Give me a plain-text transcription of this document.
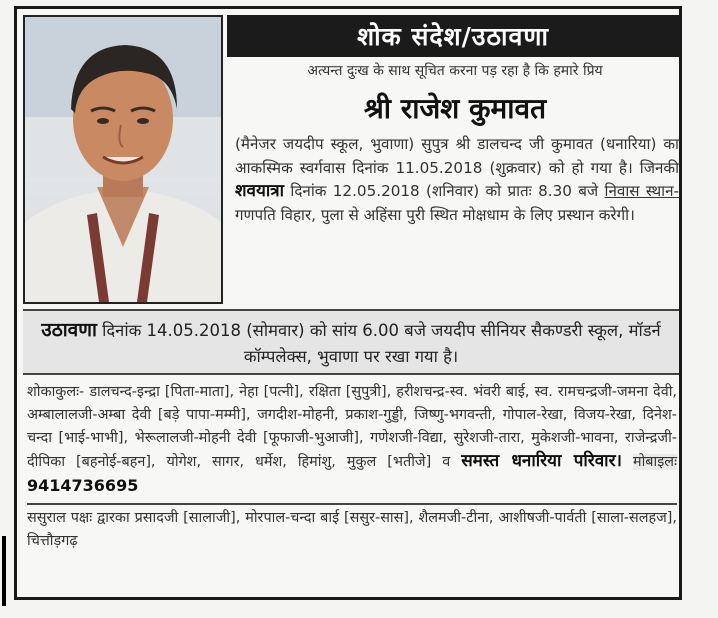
शोक संदेश/उठावणा
अत्यन्त दुःख के साथ सूचित करना पड़ रहा है कि हमारे प्रिय
श्री राजेश कुमावत
(मैनेजर जयदीप स्कूल, भुवाणा) सुपुत्र श्री डालचन्द जी कुमावत (धनारिया) का आकस्मिक स्वर्गवास दिनांक 11.05.2018 (शुक्रवार) को हो गया है। जिनकी शवयात्रा दिनांक 12.05.2018 (शनिवार) को प्रातः 8.30 बजे निवास स्थान- गणपति विहार, पुला से अहिंसा पुरी स्थित मोक्षधाम के लिए प्रस्थान करेगी।
उठावणा दिनांक 14.05.2018 (सोमवार) को सांय 6.00 बजे जयदीप सीनियर सैकण्डरी स्कूल, मॉडर्न कॉम्पलेक्स, भुवाणा पर रखा गया है।
शोकाकुलः- डालचन्द-इन्द्रा [पिता-माता], नेहा [पत्नी], रक्षिता [सुपुत्री], हरीशचन्द्र-स्व. भंवरी बाई, स्व. रामचन्द्रजी-जमना देवी, अम्बालालजी-अम्बा देवी [बड़े पापा-मम्मी], जगदीश-मोहनी, प्रकाश-गुड्डी, जिष्णु-भगवन्ती, गोपाल-रेखा, विजय-रेखा, दिनेश-चन्दा [भाई-भाभी], भेरूलालजी-मोहनी देवी [फूफाजी-भुआजी], गणेशजी-विद्या, सुरेशजी-तारा, मुकेशजी-भावना, राजेन्द्रजी-दीपिका [बहनोई-बहन], योगेश, सागर, धर्मेश, हिमांशु, मुकुल [भतीजे] व समस्त धनारिया परिवार। मोबाइलः 9414736695
ससुराल पक्षः द्वारका प्रसादजी [सालाजी], मोरपाल-चन्दा बाई [ससुर-सास], शैलमजी-टीना, आशीषजी-पार्वती [साला-सलहज], चित्तौड़गढ़
